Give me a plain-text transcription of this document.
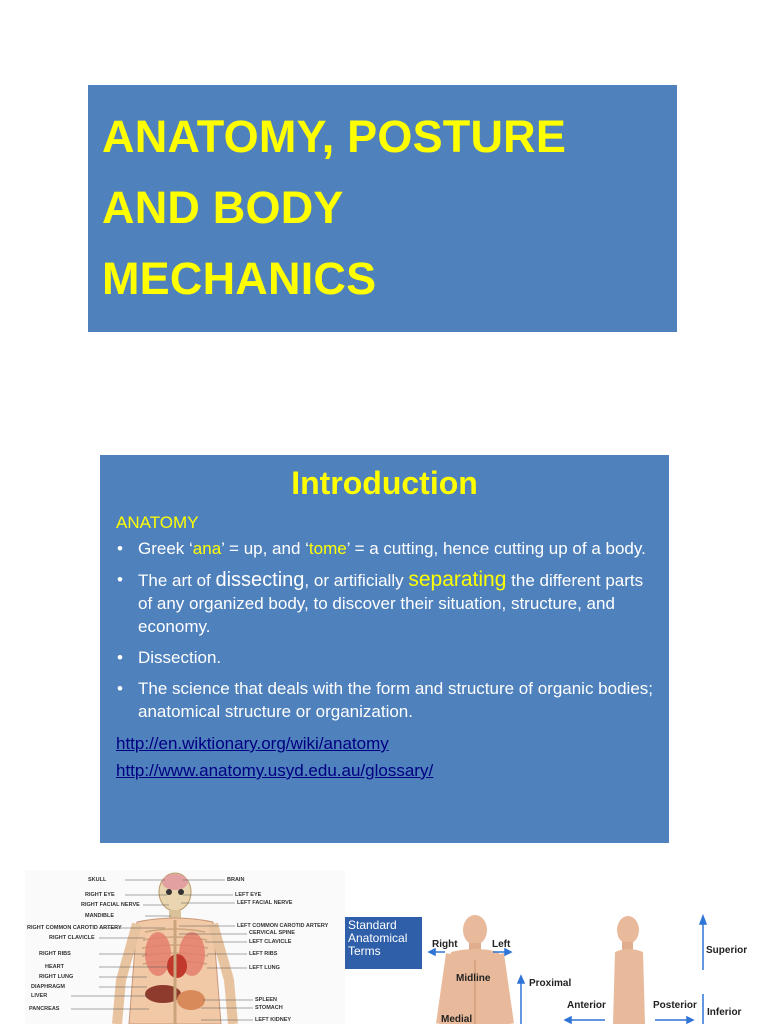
ANATOMY, POSTURE

AND BODY

MECHANICS

Introduction
ANATOMY
• Greek ‘ana’ = up, and ‘tome’ = a cutting, hence cutting up of a body.
• The art of dissecting, or artificially separating the different parts of any organized body, to discover their situation, structure, and economy.
• Dissection.
• The science that deals with the form and structure of organic bodies; anatomical structure or organization.
http://en.wiktionary.org/wiki/anatomy
http://www.anatomy.usyd.edu.au/glossary/
SKULL
RIGHT EYE
RIGHT FACIAL NERVE
MANDIBLE
RIGHT COMMON CAROTID ARTERY
RIGHT CLAVICLE
RIGHT RIBS
HEART
RIGHT LUNG
DIAPHRAGM
LIVER
PANCREAS
BRAIN
LEFT EYE
LEFT FACIAL NERVE
LEFT COMMON CAROTID ARTERY
CERVICAL SPINE
LEFT CLAVICLE
LEFT RIBS
LEFT LUNG
SPLEEN
STOMACH
LEFT KIDNEY
Standard
Anatomical
Terms	Right	Left
Midline
Medial
Proximal
Anterior	Posterior
Superior
Inferior
